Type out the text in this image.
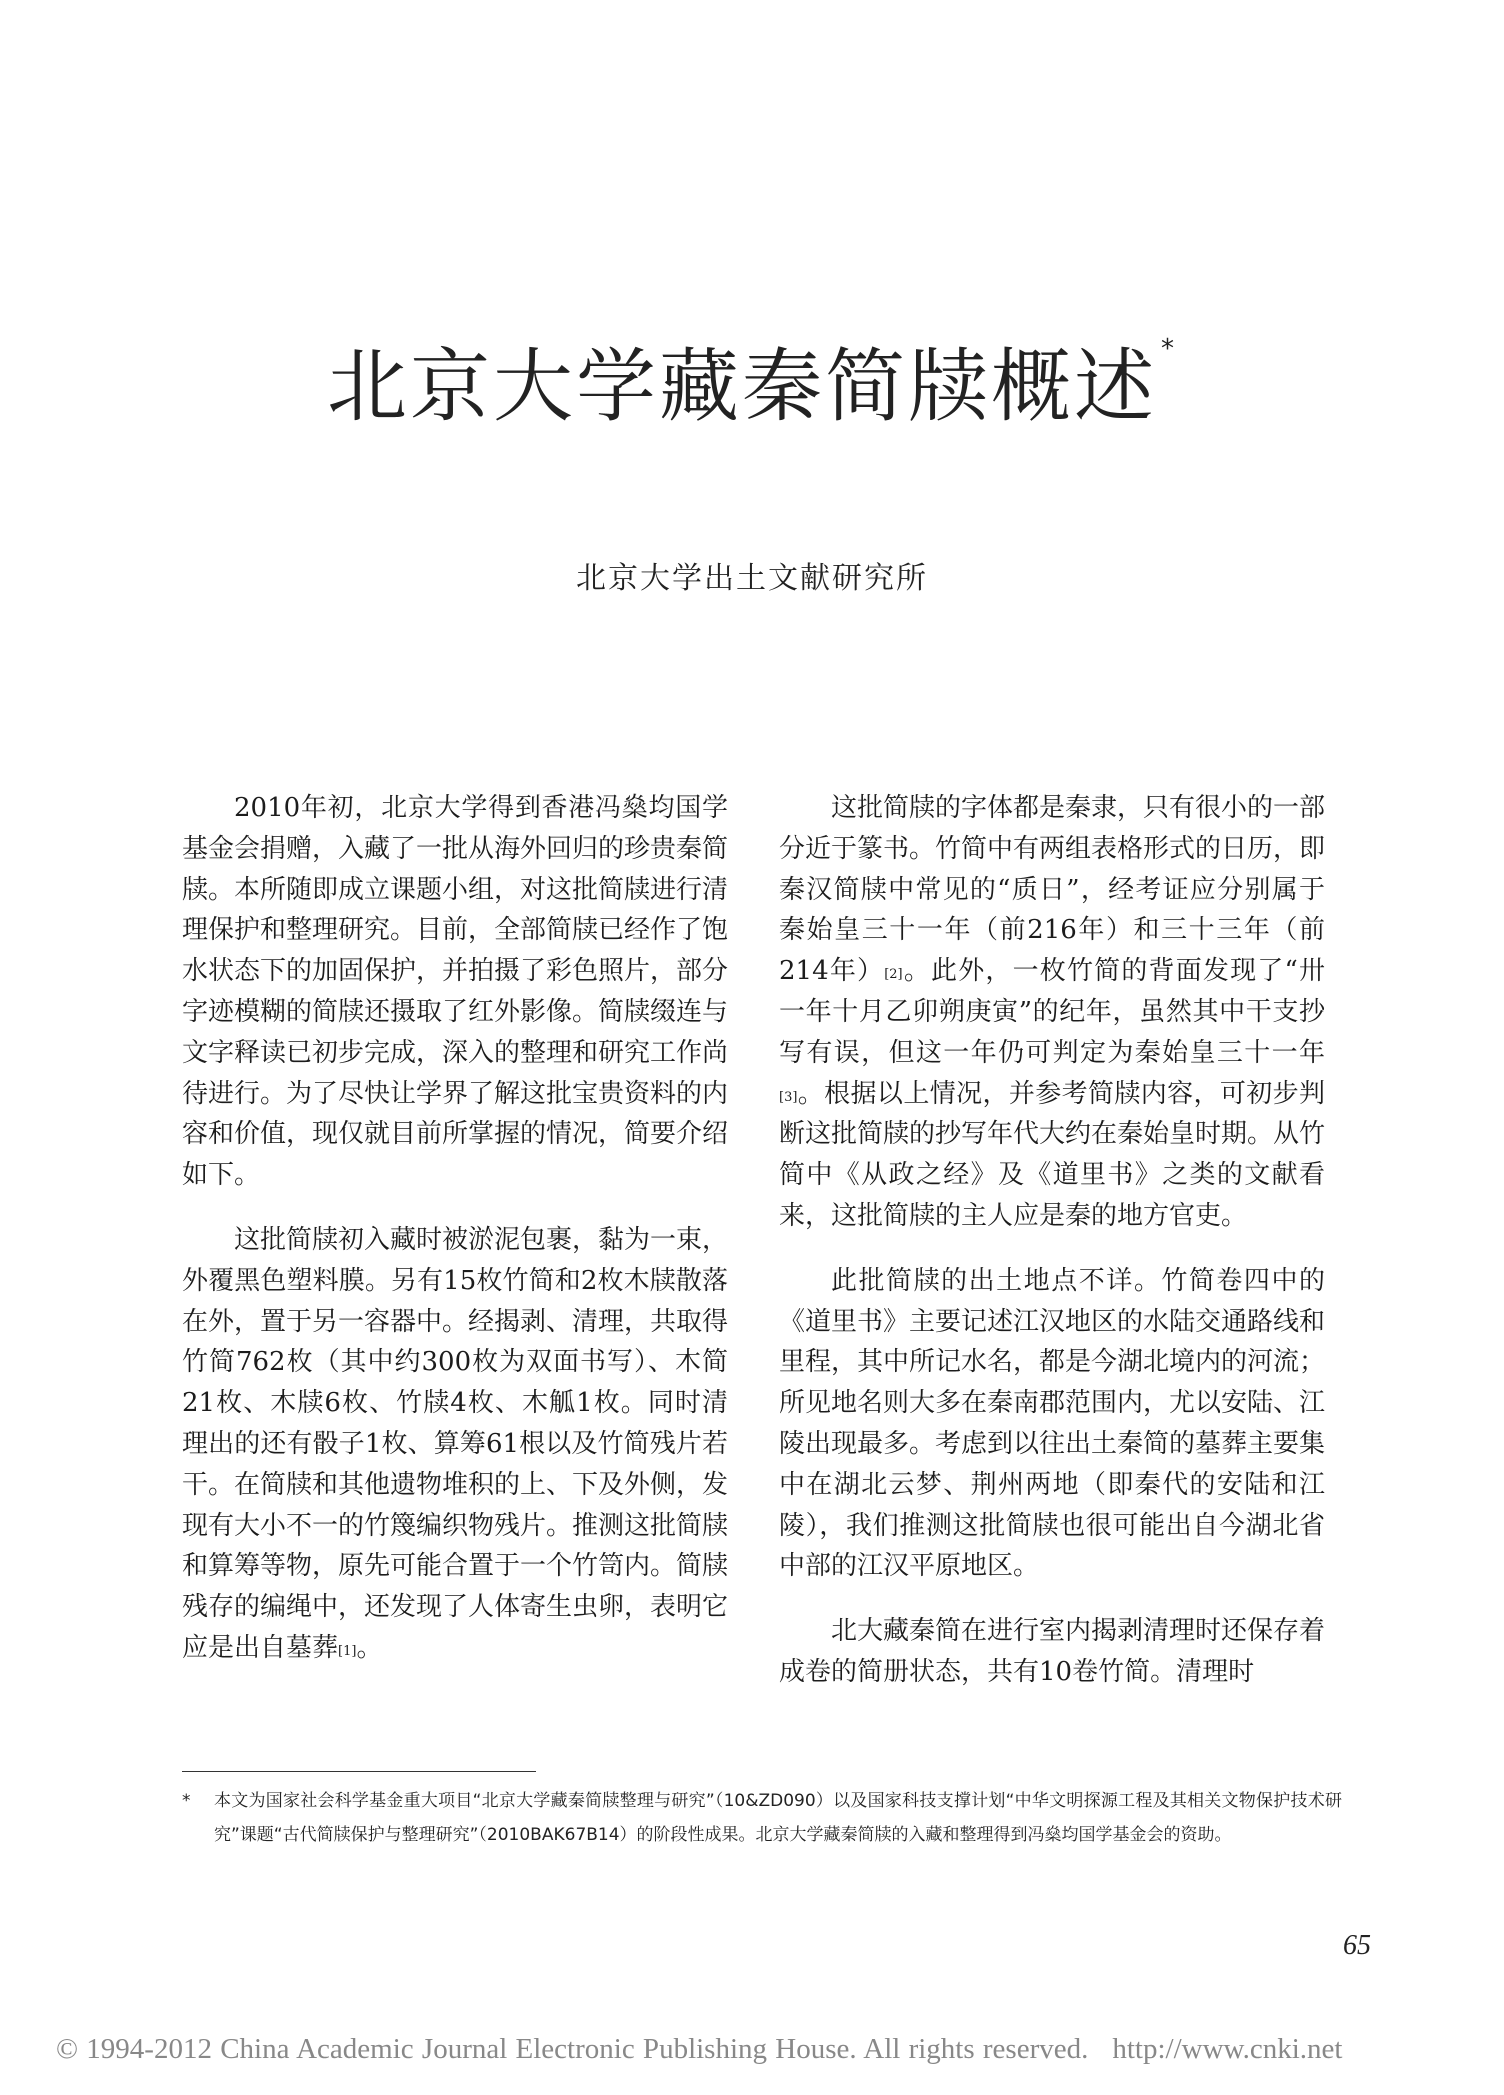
北京大学藏秦简牍概述 *
北京大学出土文献研究所

2010年初，北京大学得到香港冯燊均国学基金会捐赠，入藏了一批从海外回归的珍贵秦简牍。本所随即成立课题小组，对这批简牍进行清理保护和整理研究。目前，全部简牍已经作了饱水状态下的加固保护，并拍摄了彩色照片，部分字迹模糊的简牍还摄取了红外影像。简牍缀连与文字释读已初步完成，深入的整理和研究工作尚待进行。为了尽快让学界了解这批宝贵资料的内容和价值，现仅就目前所掌握的情况，简要介绍如下。

这批简牍初入藏时被淤泥包裹，黏为一束，外覆黑色塑料膜。另有15枚竹简和2枚木牍散落在外，置于另一容器中。经揭剥、清理，共取得竹简762枚（其中约300枚为双面书写）、木简21枚、木牍6枚、竹牍4枚、木觚1枚。同时清理出的还有骰子1枚、算筹61根以及竹简残片若干。在简牍和其他遗物堆积的上、下及外侧，发现有大小不一的竹篾编织物残片。推测这批简牍和算筹等物，原先可能合置于一个竹笥内。简牍残存的编绳中，还发现了人体寄生虫卵，表明它应是出自墓葬[1]。

这批简牍的字体都是秦隶，只有很小的一部分近于篆书。竹简中有两组表格形式的日历，即秦汉简牍中常见的“质日”，经考证应分别属于秦始皇三十一年（前216年）和三十三年（前214年）[2]。此外，一枚竹简的背面发现了“卅一年十月乙卯朔庚寅”的纪年，虽然其中干支抄写有误，但这一年仍可判定为秦始皇三十一年[3]。根据以上情况，并参考简牍内容，可初步判断这批简牍的抄写年代大约在秦始皇时期。从竹简中《从政之经》及《道里书》之类的文献看来，这批简牍的主人应是秦的地方官吏。

此批简牍的出土地点不详。竹简卷四中的《道里书》主要记述江汉地区的水陆交通路线和里程，其中所记水名，都是今湖北境内的河流；所见地名则大多在秦南郡范围内，尤以安陆、江陵出现最多。考虑到以往出土秦简的墓葬主要集中在湖北云梦、荆州两地（即秦代的安陆和江陵），我们推测这批简牍也很可能出自今湖北省中部的江汉平原地区。

北大藏秦简在进行室内揭剥清理时还保存着成卷的简册状态，共有10卷竹简。清理时

* 本文为国家社会科学基金重大项目“北京大学藏秦简牍整理与研究”（10&ZD090）以及国家科技支撑计划“中华文明探源工程及其相关文物保护技术研究”课题“古代简牍保护与整理研究”（2010BAK67B14）的阶段性成果。北京大学藏秦简牍的入藏和整理得到冯燊均国学基金会的资助。
65
© 1994-2012 China Academic Journal Electronic Publishing House. All rights reserved. http://www.cnki.net
